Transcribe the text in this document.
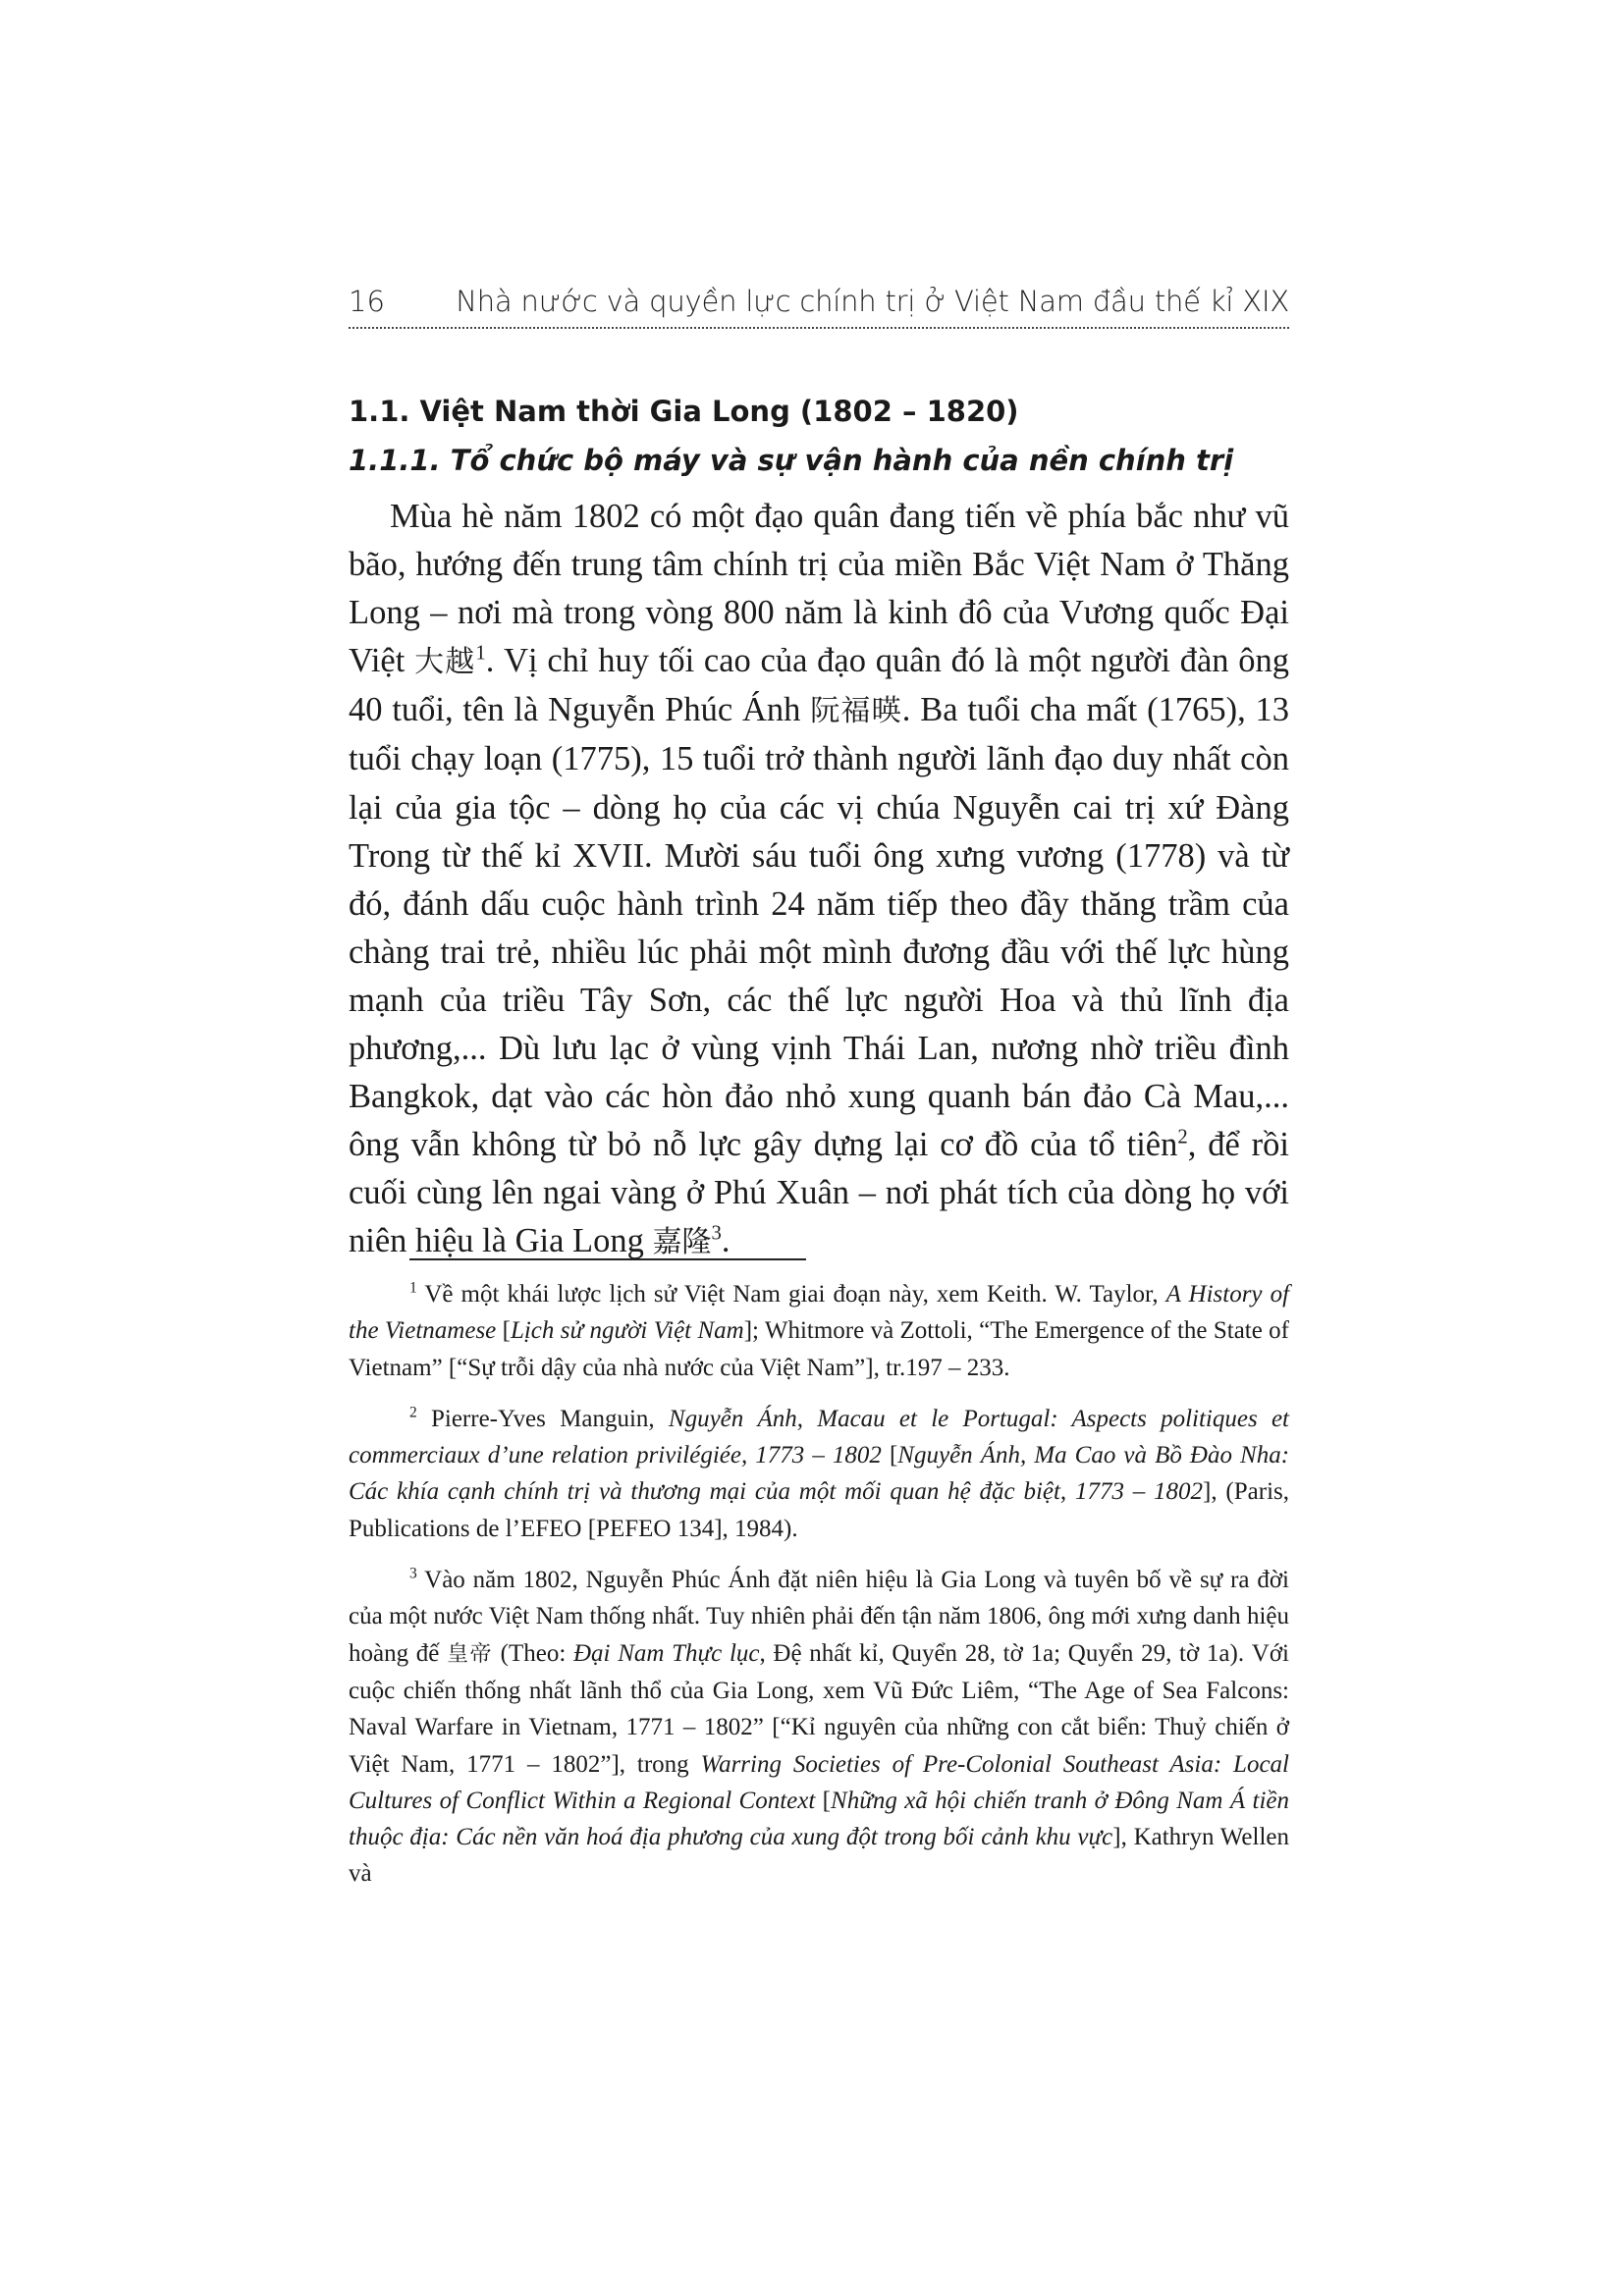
16 Nhà nước và quyền lực chính trị ở Việt Nam đầu thế kỉ XIX
1.1. Việt Nam thời Gia Long (1802 – 1820)
1.1.1. Tổ chức bộ máy và sự vận hành của nền chính trị

Mùa hè năm 1802 có một đạo quân đang tiến về phía bắc như vũ bão, hướng đến trung tâm chính trị của miền Bắc Việt Nam ở Thăng Long – nơi mà trong vòng 800 năm là kinh đô của Vương quốc Đại Việt 大越$^1$. Vị chỉ huy tối cao của đạo quân đó là một người đàn ông 40 tuổi, tên là Nguyễn Phúc Ánh 阮福暎. Ba tuổi cha mất (1765), 13 tuổi chạy loạn (1775), 15 tuổi trở thành người lãnh đạo duy nhất còn lại của gia tộc – dòng họ của các vị chúa Nguyễn cai trị xứ Đàng Trong từ thế kỉ XVII. Mười sáu tuổi ông xưng vương (1778) và từ đó, đánh dấu cuộc hành trình 24 năm tiếp theo đầy thăng trầm của chàng trai trẻ, nhiều lúc phải một mình đương đầu với thế lực hùng mạnh của triều Tây Sơn, các thế lực người Hoa và thủ lĩnh địa phương,... Dù lưu lạc ở vùng vịnh Thái Lan, nương nhờ triều đình Bangkok, dạt vào các hòn đảo nhỏ xung quanh bán đảo Cà Mau,... ông vẫn không từ bỏ nỗ lực gây dựng lại cơ đồ của tổ tiên$^2$, để rồi cuối cùng lên ngai vàng ở Phú Xuân – nơi phát tích của dòng họ với niên hiệu là Gia Long 嘉隆$^3$.

$^1$ Về một khái lược lịch sử Việt Nam giai đoạn này, xem Keith. W. Taylor, A History of the Vietnamese [Lịch sử người Việt Nam]; Whitmore và Zottoli, “The Emergence of the State of Vietnam” [“Sự trỗi dậy của nhà nước của Việt Nam”], tr.197 – 233.

$^2$ Pierre-Yves Manguin, Nguyễn Ánh, Macau et le Portugal: Aspects politiques et commerciaux d’une relation privilégiée, 1773 – 1802 [Nguyễn Ánh, Ma Cao và Bồ Đào Nha: Các khía cạnh chính trị và thương mại của một mối quan hệ đặc biệt, 1773 – 1802], (Paris, Publications de l’EFEO [PEFEO 134], 1984).

$^3$ Vào năm 1802, Nguyễn Phúc Ánh đặt niên hiệu là Gia Long và tuyên bố về sự ra đời của một nước Việt Nam thống nhất. Tuy nhiên phải đến tận năm 1806, ông mới xưng danh hiệu hoàng đế 皇帝 (Theo: Đại Nam Thực lục, Đệ nhất kỉ, Quyển 28, tờ 1a; Quyển 29, tờ 1a). Với cuộc chiến thống nhất lãnh thổ của Gia Long, xem Vũ Đức Liêm, “The Age of Sea Falcons: Naval Warfare in Vietnam, 1771 – 1802” [“Kỉ nguyên của những con cắt biển: Thuỷ chiến ở Việt Nam, 1771 – 1802”], trong Warring Societies of Pre-Colonial Southeast Asia: Local Cultures of Conflict Within a Regional Context [Những xã hội chiến tranh ở Đông Nam Á tiền thuộc địa: Các nền văn hoá địa phương của xung đột trong bối cảnh khu vực], Kathryn Wellen và
